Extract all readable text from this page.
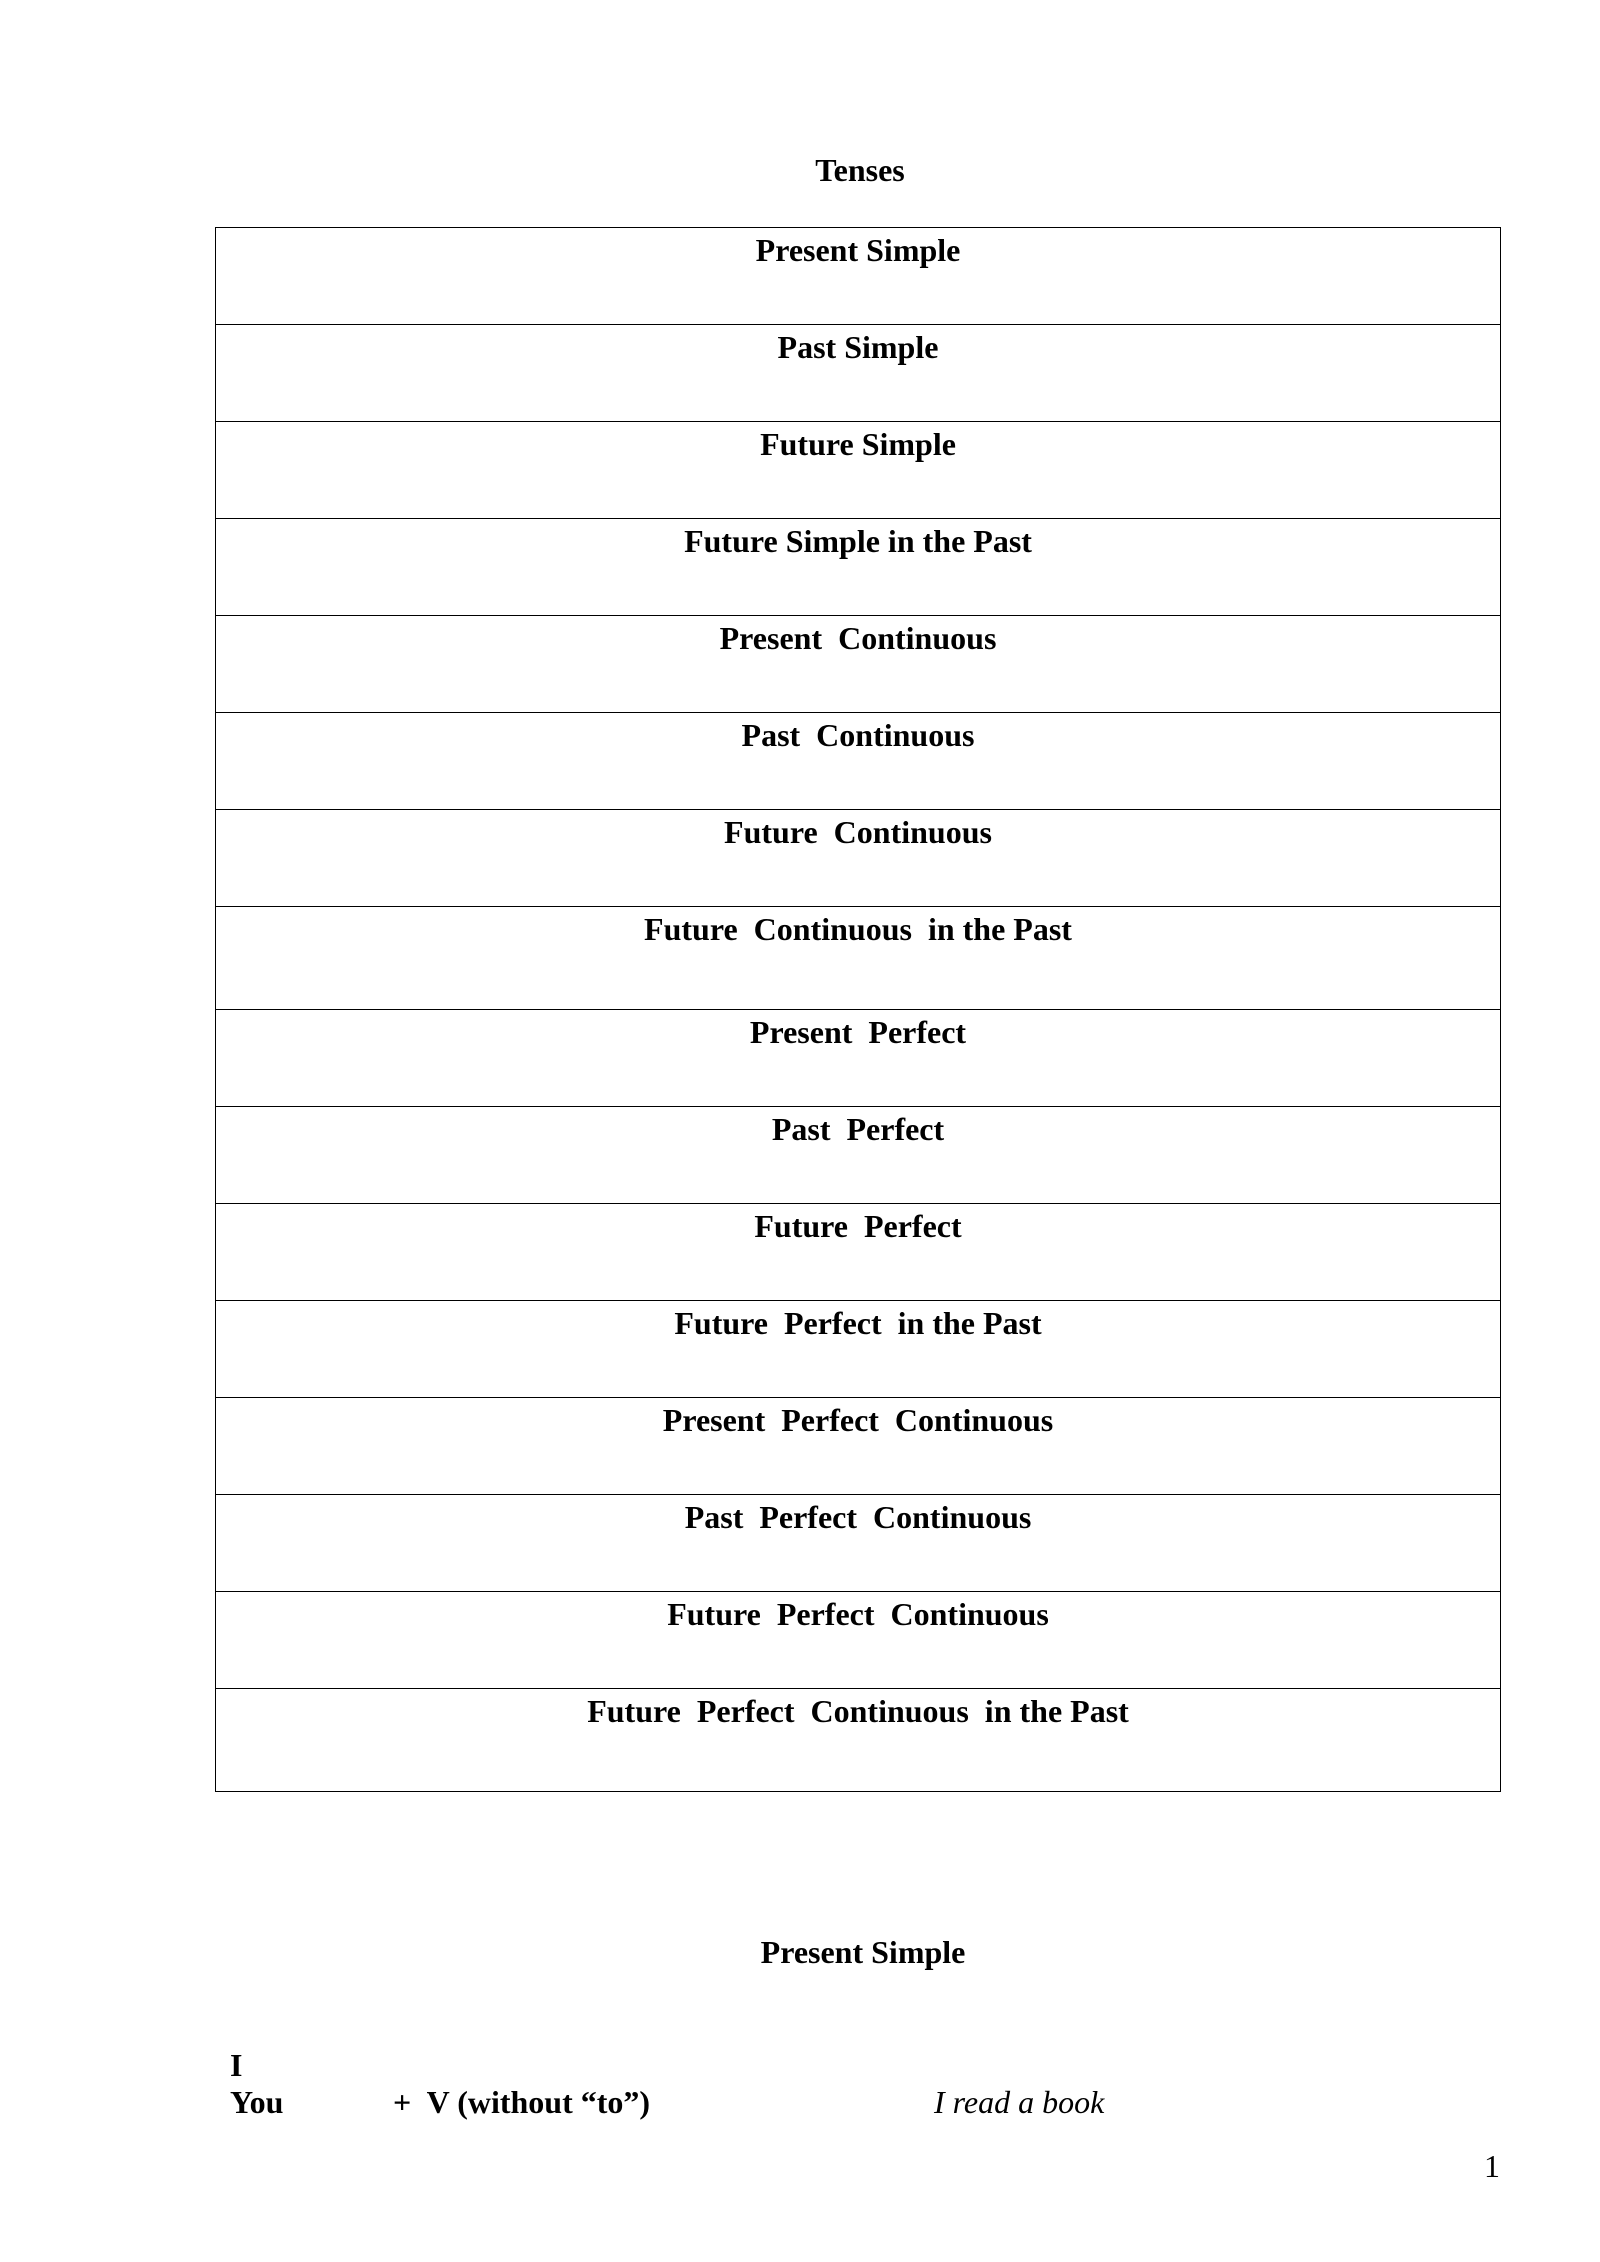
Tenses
Present Simple

Past Simple

Future Simple

Future Simple in the Past

Present  Continuous

Past  Continuous

Future  Continuous

Future  Continuous  in the Past

Present  Perfect

Past  Perfect

Future  Perfect

Future  Perfect  in the Past

Present  Perfect  Continuous

Past  Perfect  Continuous

Future  Perfect  Continuous

Future  Perfect  Continuous  in the Past
Present Simple
I
You	+  V (without “to”)	I read a book
1
